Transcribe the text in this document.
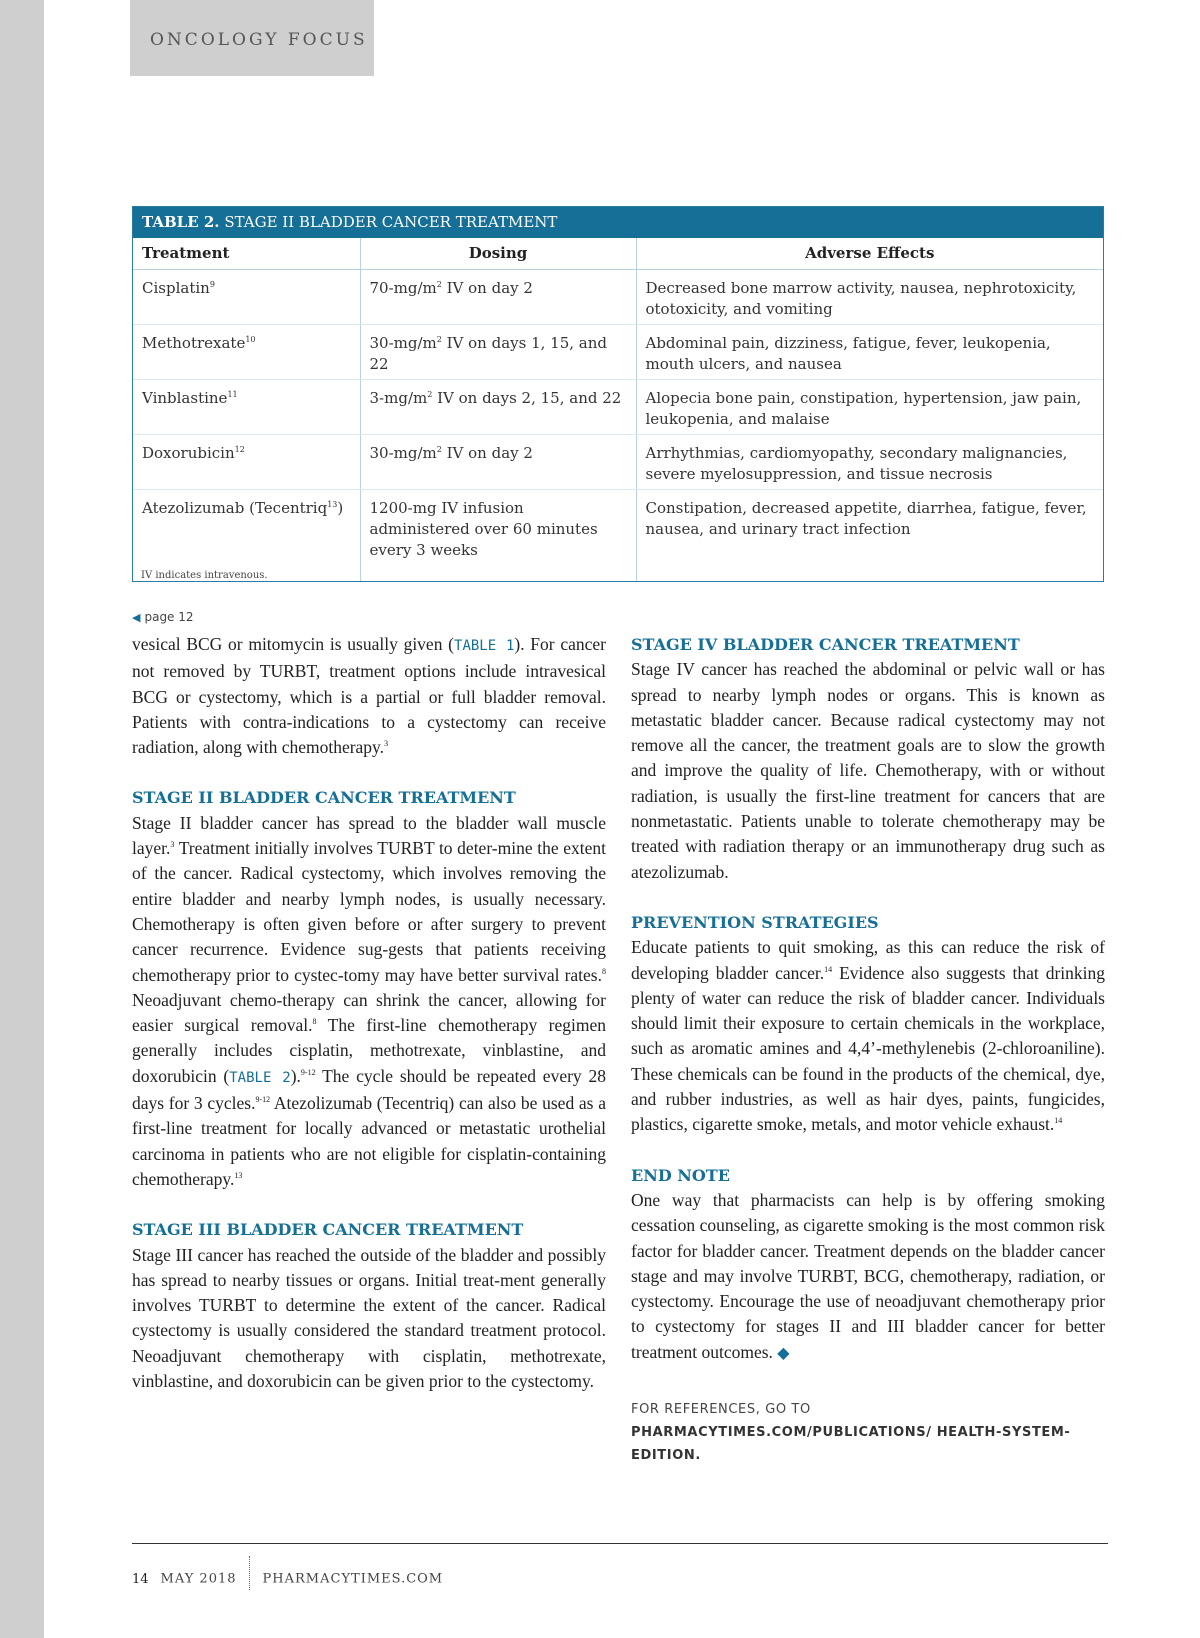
ONCOLOGY FOCUS
TABLE 2. STAGE II BLADDER CANCER TREATMENT
Treatment	Dosing	Adverse Effects
Cisplatin$^9$	$70-mg/m^2$ IV on day 2	Decreased bone marrow activity, nausea, nephrotoxicity, ototoxicity, and vomiting
Methotrexate$^{10}$	$30-mg/m^2$ IV on days 1, 15, and 22	Abdominal pain, dizziness, fatigue, fever, leukopenia, mouth ulcers, and nausea
Vinblastine$^{11}$	$3-mg/m^2$ IV on days 2, 15, and 22	Alopecia bone pain, constipation, hypertension, jaw pain, leukopenia, and malaise
Doxorubicin$^{12}$	$30-mg/m^2$ IV on day 2	Arrhythmias, cardiomyopathy, secondary malignancies, severe myelosuppression, and tissue necrosis
Atezolizumab (Tecentriq$^{13}$)	1200-mg IV infusion administered over 60 minutes every 3 weeks	Constipation, decreased appetite, diarrhea, fatigue, fever, nausea, and urinary tract infection
IV indicates intravenous.
◀ page 12

vesical BCG or mitomycin is usually given (TABLE 1). For cancer not removed by TURBT, treatment options include intravesical BCG or cystectomy, which is a partial or full bladder removal. Patients with contra-indications to a cystectomy can receive radiation, along with chemotherapy.$^3$

STAGE II BLADDER CANCER TREATMENT

Stage II bladder cancer has spread to the bladder wall muscle layer.$^3$ Treatment initially involves TURBT to deter-mine the extent of the cancer. Radical cystectomy, which involves removing the entire bladder and nearby lymph nodes, is usually necessary. Chemotherapy is often given before or after surgery to prevent cancer recurrence. Evidence sug-gests that patients receiving chemotherapy prior to cystec-tomy may have better survival rates.$^8$ Neoadjuvant chemo-therapy can shrink the cancer, allowing for easier surgical removal.$^8$ The first-line chemotherapy regimen generally includes cisplatin, methotrexate, vinblastine, and doxorubicin (TABLE 2).$^{9-12}$ The cycle should be repeated every 28 days for 3 cycles.$^{9-12}$ Atezolizumab (Tecentriq) can also be used as a first-line treatment for locally advanced or metastatic urothelial carcinoma in patients who are not eligible for cisplatin-containing chemotherapy.$^{13}$

STAGE III BLADDER CANCER TREATMENT

Stage III cancer has reached the outside of the bladder and possibly has spread to nearby tissues or organs. Initial treat-ment generally involves TURBT to determine the extent of the cancer. Radical cystectomy is usually considered the standard treatment protocol. Neoadjuvant chemotherapy with cisplatin, methotrexate, vinblastine, and doxorubicin can be given prior to the cystectomy.

STAGE IV BLADDER CANCER TREATMENT

Stage IV cancer has reached the abdominal or pelvic wall or has spread to nearby lymph nodes or organs. This is known as metastatic bladder cancer. Because radical cystectomy may not remove all the cancer, the treatment goals are to slow the growth and improve the quality of life. Chemotherapy, with or without radiation, is usually the first-line treatment for cancers that are nonmetastatic. Patients unable to tolerate chemotherapy may be treated with radiation therapy or an immunotherapy drug such as atezolizumab.

PREVENTION STRATEGIES

Educate patients to quit smoking, as this can reduce the risk of developing bladder cancer.$^{14}$ Evidence also suggests that drinking plenty of water can reduce the risk of bladder cancer. Individuals should limit their exposure to certain chemicals in the workplace, such as aromatic amines and 4,4’-methylenebis (2-chloroaniline). These chemicals can be found in the products of the chemical, dye, and rubber industries, as well as hair dyes, paints, fungicides, plastics, cigarette smoke, metals, and motor vehicle exhaust.$^{14}$

END NOTE

One way that pharmacists can help is by offering smoking cessation counseling, as cigarette smoking is the most common risk factor for bladder cancer. Treatment depends on the bladder cancer stage and may involve TURBT, BCG, chemotherapy, radiation, or cystectomy. Encourage the use of neoadjuvant chemotherapy prior to cystectomy for stages II and III bladder cancer for better treatment outcomes. ◆

FOR REFERENCES, GO TO PHARMACYTIMES.COM/PUBLICATIONS/ HEALTH-SYSTEM-EDITION.
14 MAY 2018 PHARMACYTIMES.COM
